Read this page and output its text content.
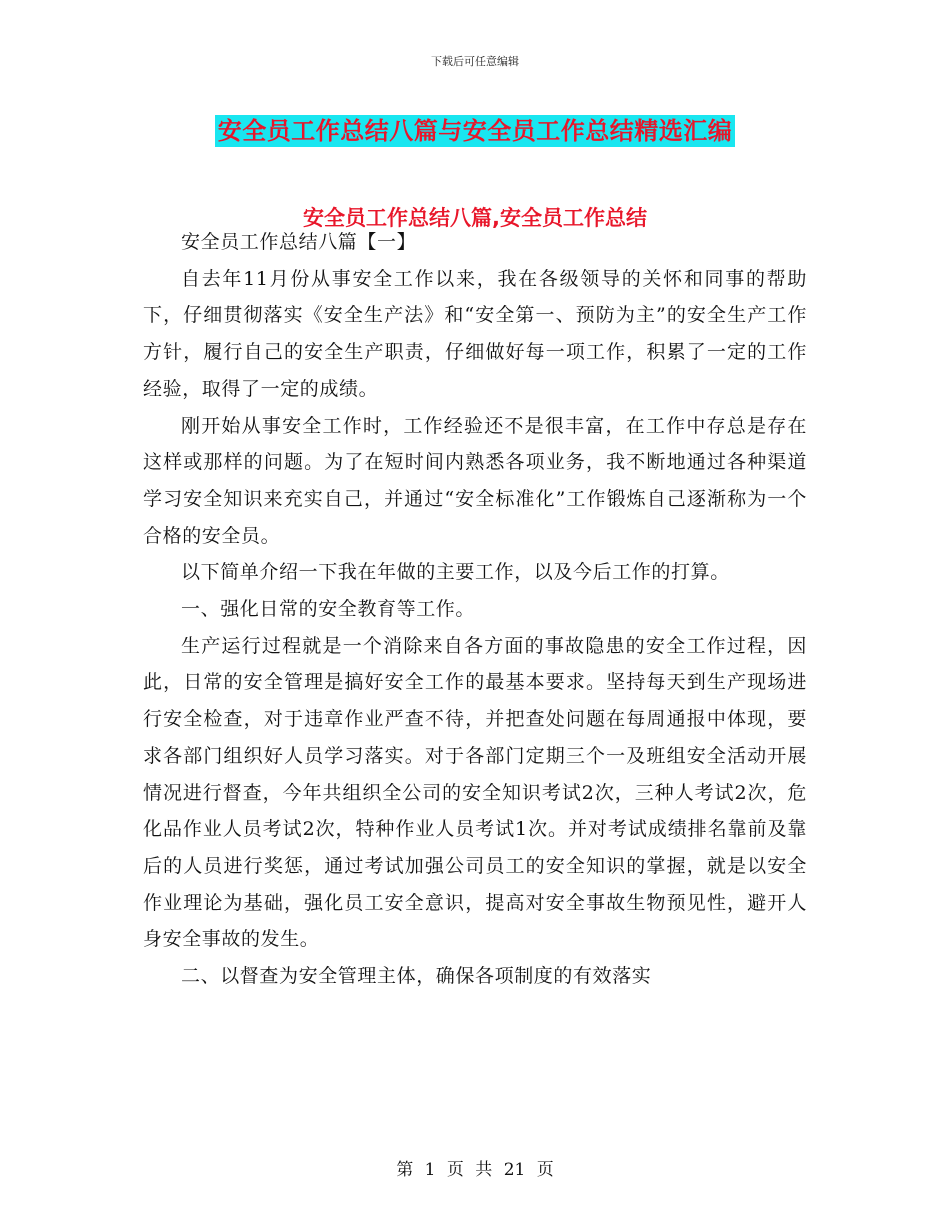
下载后可任意编辑
安全员工作总结八篇与安全员工作总结精选汇编
安全员工作总结八篇,安全员工作总结

安全员工作总结八篇【一】

自去年11月份从事安全工作以来，我在各级领导的关怀和同事的帮助下，仔细贯彻落实《安全生产法》和“安全第一、预防为主”的安全生产工作方针，履行自己的安全生产职责，仔细做好每一项工作，积累了一定的工作经验，取得了一定的成绩。

刚开始从事安全工作时，工作经验还不是很丰富，在工作中存总是存在这样或那样的问题。为了在短时间内熟悉各项业务，我不断地通过各种渠道学习安全知识来充实自己，并通过“安全标准化”工作锻炼自己逐渐称为一个合格的安全员。

以下简单介绍一下我在年做的主要工作，以及今后工作的打算。

一、强化日常的安全教育等工作。

生产运行过程就是一个消除来自各方面的事故隐患的安全工作过程，因此，日常的安全管理是搞好安全工作的最基本要求。坚持每天到生产现场进行安全检查，对于违章作业严查不待，并把查处问题在每周通报中体现，要求各部门组织好人员学习落实。对于各部门定期三个一及班组安全活动开展情况进行督查，今年共组织全公司的安全知识考试2次，三种人考试2次，危化品作业人员考试2次，特种作业人员考试1次。并对考试成绩排名靠前及靠后的人员进行奖惩，通过考试加强公司员工的安全知识的掌握，就是以安全作业理论为基础，强化员工安全意识，提高对安全事故生物预见性，避开人身安全事故的发生。

二、以督查为安全管理主体，确保各项制度的有效落实

第 1 页 共 21 页
